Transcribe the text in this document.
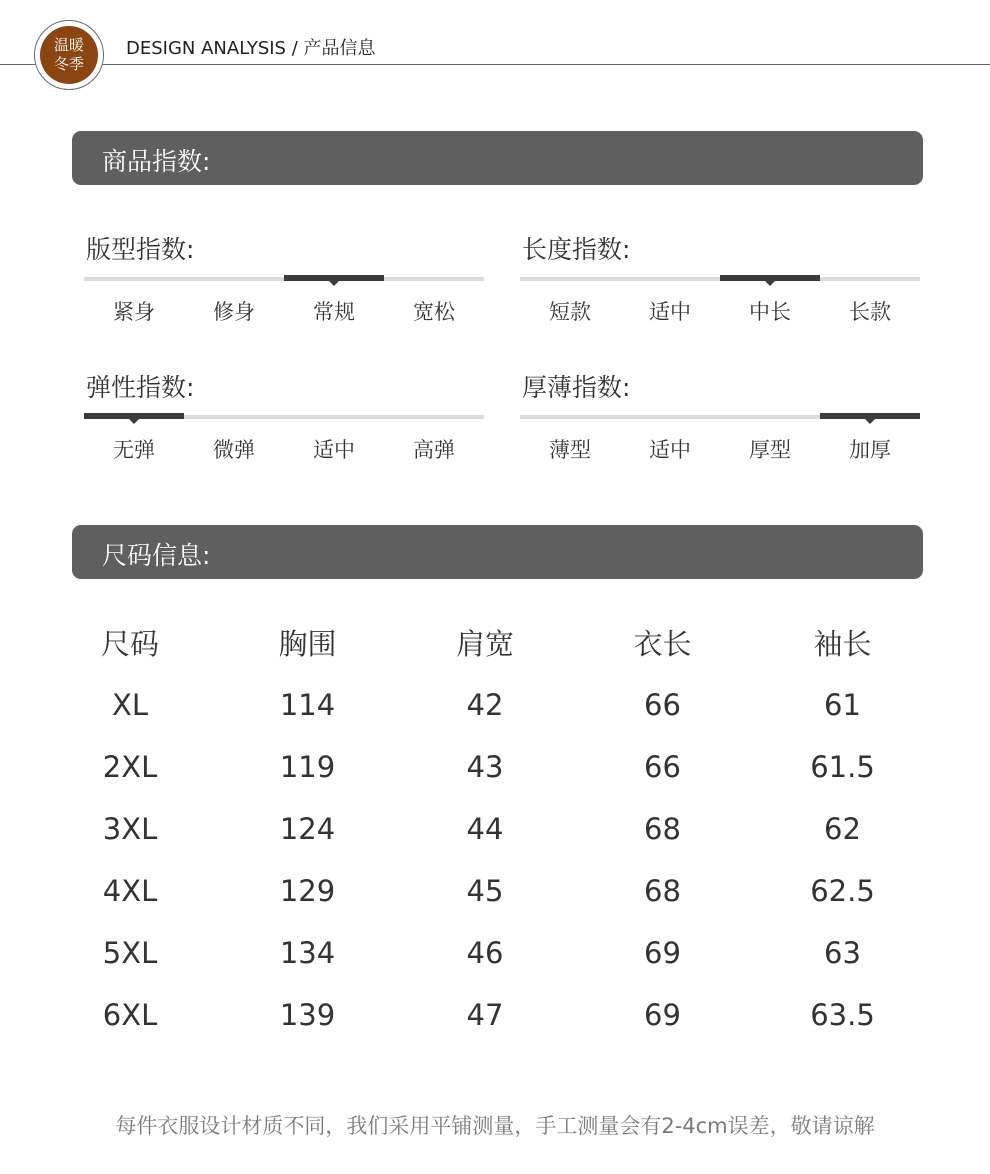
温暖
冬季
DESIGN ANALYSIS / 产品信息
商品指数:
版型指数:
紧身	修身	常规	宽松
长度指数:
短款	适中	中长	长款
弹性指数:
无弹	微弹	适中	高弹
厚薄指数:
薄型	适中	厚型	加厚
尺码信息:
尺码	胸围	肩宽	衣长	袖长
XL	114	42	66	61
2XL	119	43	66	61.5
3XL	124	44	68	62
4XL	129	45	68	62.5
5XL	134	46	69	63
6XL	139	47	69	63.5
每件衣服设计材质不同，我们采用平铺测量，手工测量会有2-4cm误差，敬请谅解
